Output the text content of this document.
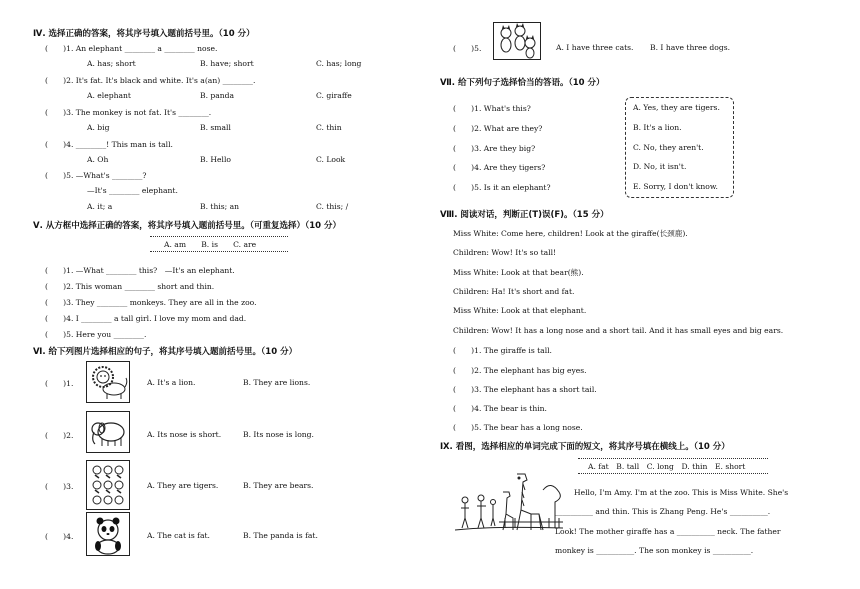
Ⅳ. 选择正确的答案，将其序号填入题前括号里。（10 分）
(　　)1. An elephant ________ a ________ nose.
A. has; short	B. have; short	C. has; long
(　　)2. It's fat. It's black and white. It's a(an) ________.
A. elephant	B. panda	C. giraffe
(　　)3. The monkey is not fat. It's ________.
A. big	B. small	C. thin
(　　)4. ________! This man is tall.
A. Oh	B. Hello	C. Look
(　　)5. —What's ________?
—It's ________ elephant.
A. it; a	B. this; an	C. this; /
Ⅴ. 从方框中选择正确的答案，将其序号填入题前括号里。（可重复选择）（10 分）
A. am　　B. is　　C. are
(　　)1. —What ________ this?　—It's an elephant.
(　　)2. This woman ________ short and thin.
(　　)3. They ________ monkeys. They are all in the zoo.
(　　)4. I ________ a tall girl. I love my mom and dad.
(　　)5. Here you ________.
Ⅵ. 给下列图片选择相应的句子，将其序号填入题前括号里。（10 分）
(　　)1.	A. It's a lion.	B. They are lions.
(　　)2.	A. Its nose is short.	B. Its nose is long.
(　　)3.	A. They are tigers.	B. They are bears.
(　　)4.	A. The cat is fat.	B. The panda is fat.
(　　)5.	A. I have three cats. B. I have three dogs.
Ⅶ. 给下列句子选择恰当的答语。（10 分）
(　　)1. What's this?
(　　)2. What are they?
(　　)3. Are they big?
(　　)4. Are they tigers?
(　　)5. Is it an elephant?
A. Yes, they are tigers.
B. It's a lion.
C. No, they aren't.
D. No, it isn't.
E. Sorry, I don't know.
Ⅷ. 阅读对话，判断正(T)误(F)。（15 分）
Miss White: Come here, children! Look at the giraffe(长颈鹿).
Children: Wow! It's so tall!
Miss White: Look at that bear(熊).
Children: Ha! It's short and fat.
Miss White: Look at that elephant.
Children: Wow! It has a long nose and a short tail. And it has small eyes and big ears.
(　　)1. The giraffe is tall.
(　　)2. The elephant has big eyes.
(　　)3. The elephant has a short tail.
(　　)4. The bear is thin.
(　　)5. The bear has a long nose.
Ⅸ. 看图，选择相应的单词完成下面的短文，将其序号填在横线上。（10 分）
A. fat　B. tall　C. long　D. thin　E. short
Hello, I'm Amy. I'm at the zoo. This is Miss White. She's
__________ and thin. This is Zhang Peng. He's __________.
Look! The mother giraffe has a __________ neck. The father
monkey is __________. The son monkey is __________.
